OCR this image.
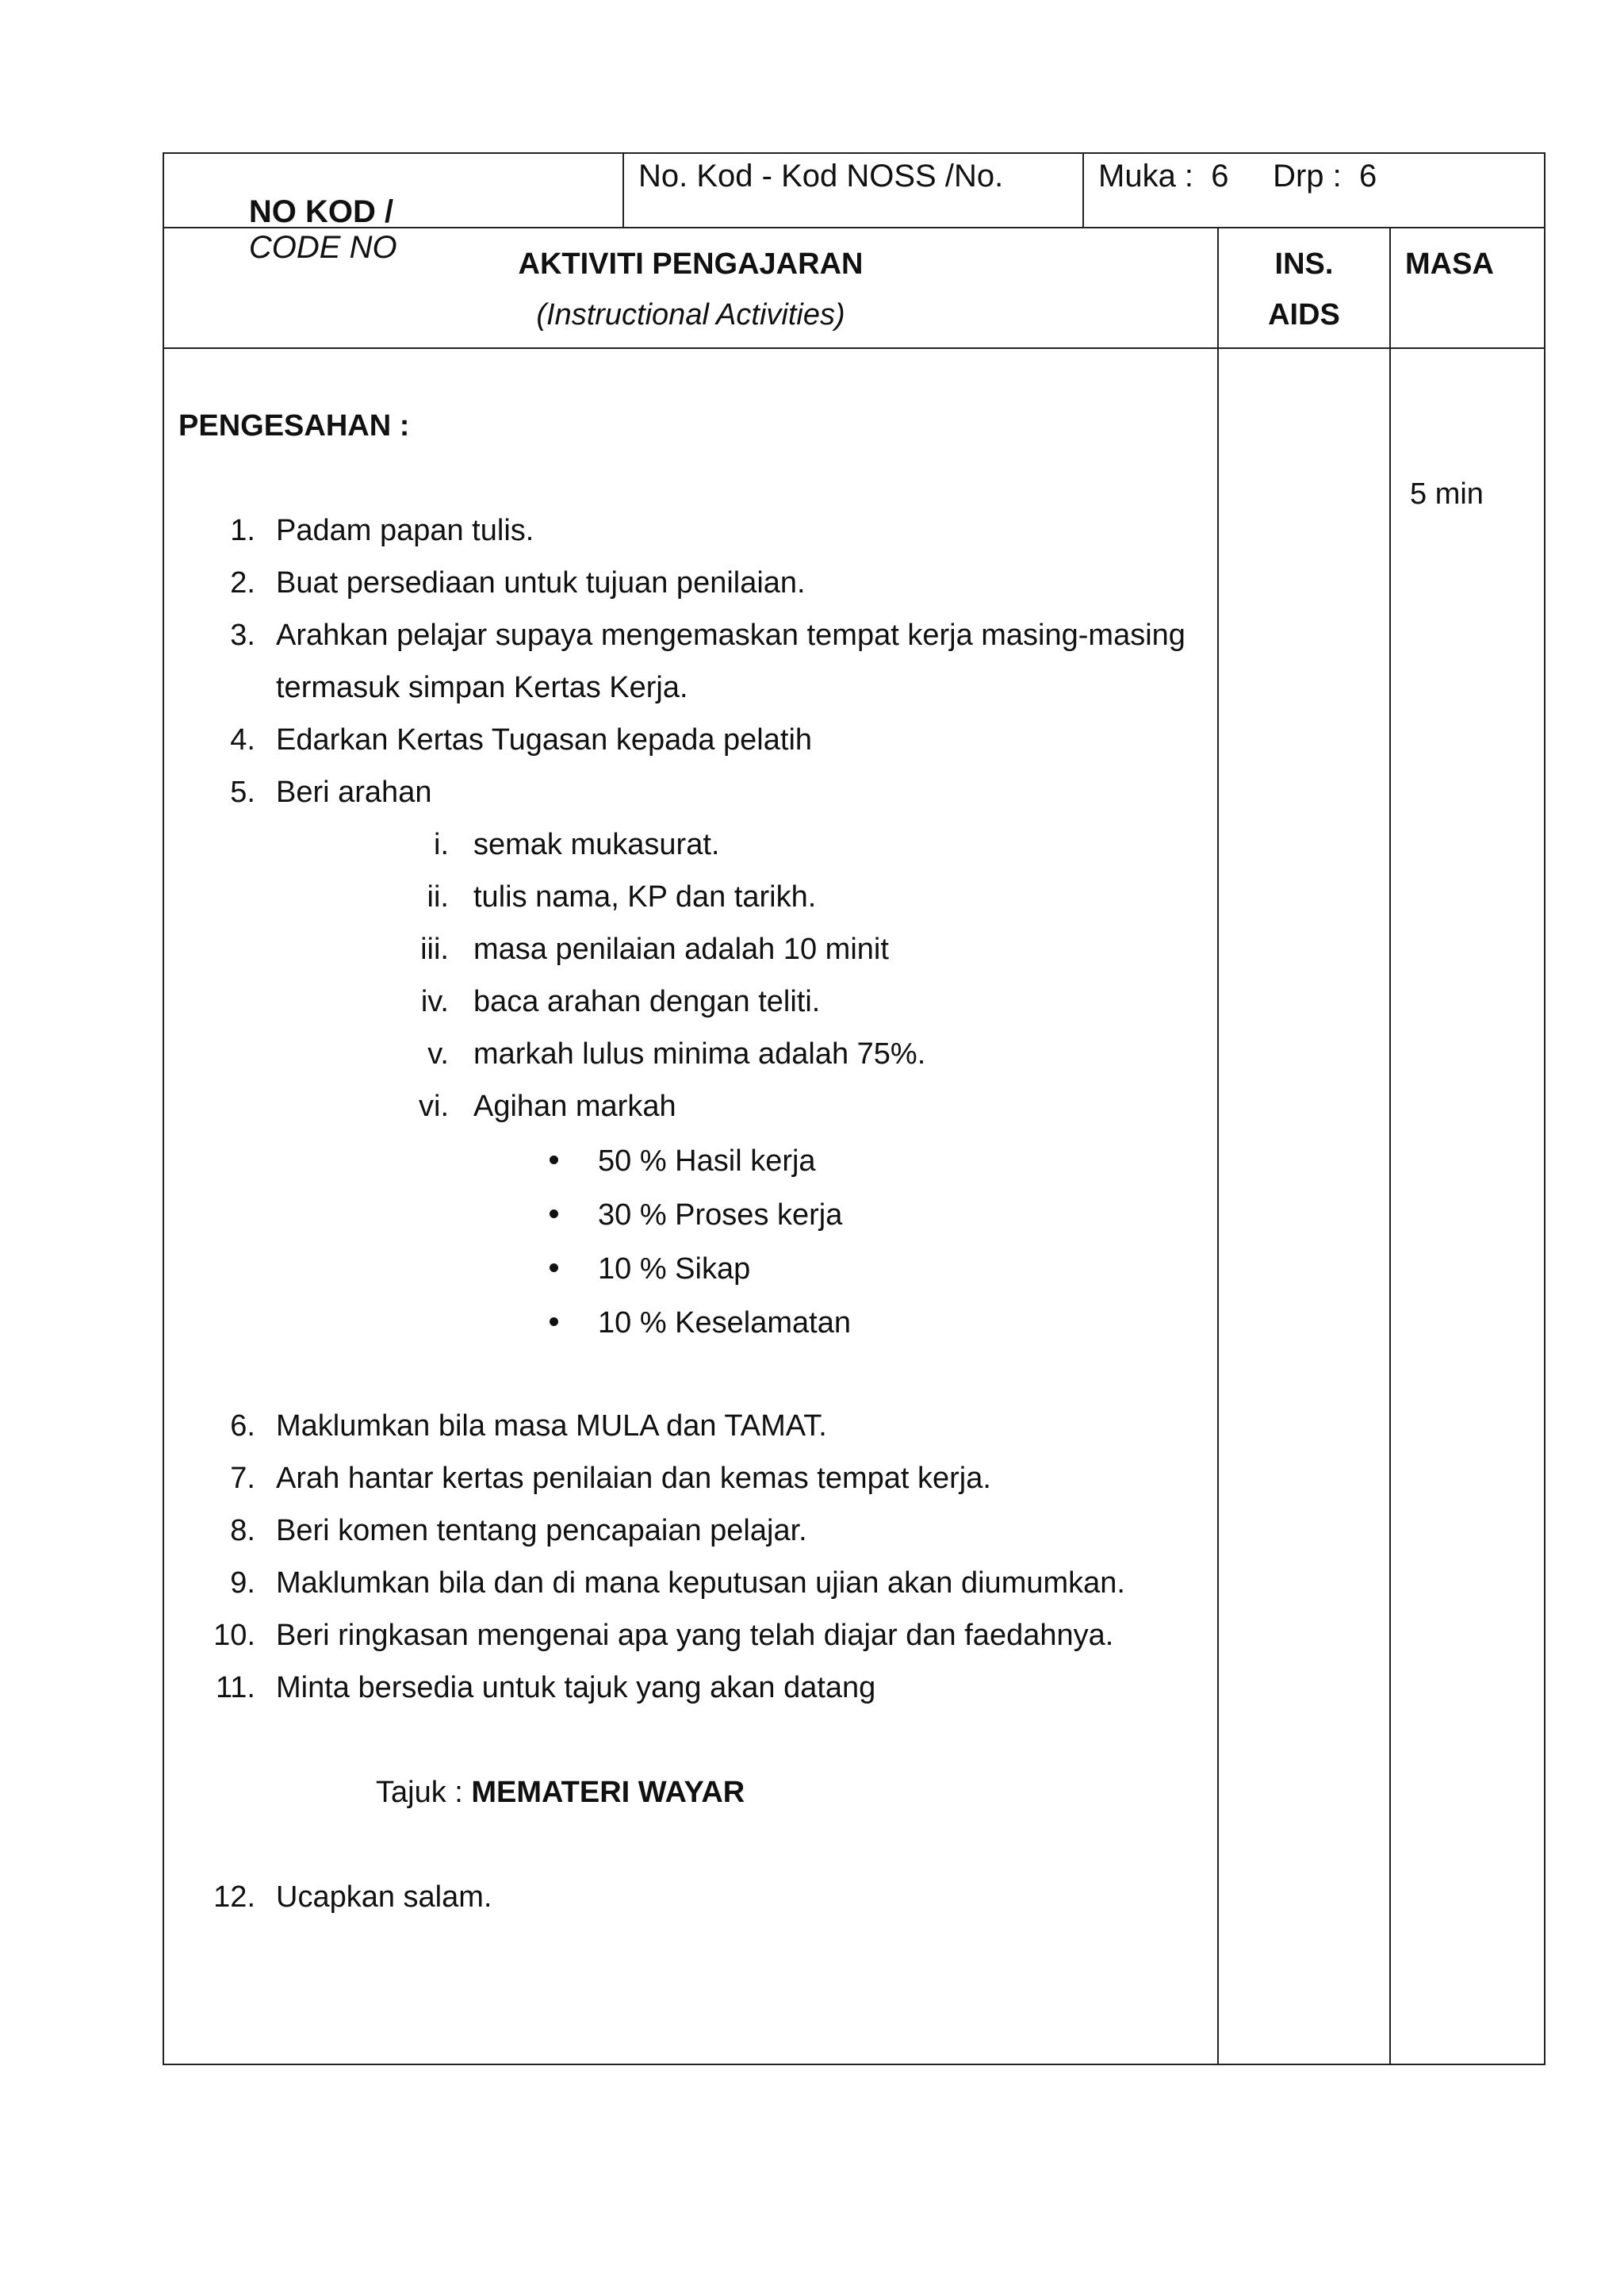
NO KOD /
CODE NO

No. Kod - Kod NOSS /No.	Muka :  6     Drp :  6
AKTIVITI PENGAJARAN
(Instructional Activities)
INS.
AIDS
MASA
PENGESAHAN :
5 min
1. Padam papan tulis.
2. Buat persediaan untuk tujuan penilaian.
3. Arahkan pelajar supaya mengemaskan tempat kerja masing-masing
termasuk simpan Kertas Kerja.
4. Edarkan Kertas Tugasan kepada pelatih
5. Beri arahan
i. semak mukasurat.
ii. tulis nama, KP dan tarikh.
iii. masa penilaian adalah 10 minit
iv. baca arahan dengan teliti.
v. markah lulus minima adalah 75%.
vi. Agihan markah
50 % Hasil kerja
30 % Proses kerja
10 % Sikap
10 % Keselamatan
6. Maklumkan bila masa MULA dan TAMAT.
7. Arah hantar kertas penilaian dan kemas tempat kerja.
8. Beri komen tentang pencapaian pelajar.
9. Maklumkan bila dan di mana keputusan ujian akan diumumkan.
10. Beri ringkasan mengenai apa yang telah diajar dan faedahnya.
11. Minta bersedia untuk tajuk yang akan datang
Tajuk : MEMATERI WAYAR
12. Ucapkan salam.
